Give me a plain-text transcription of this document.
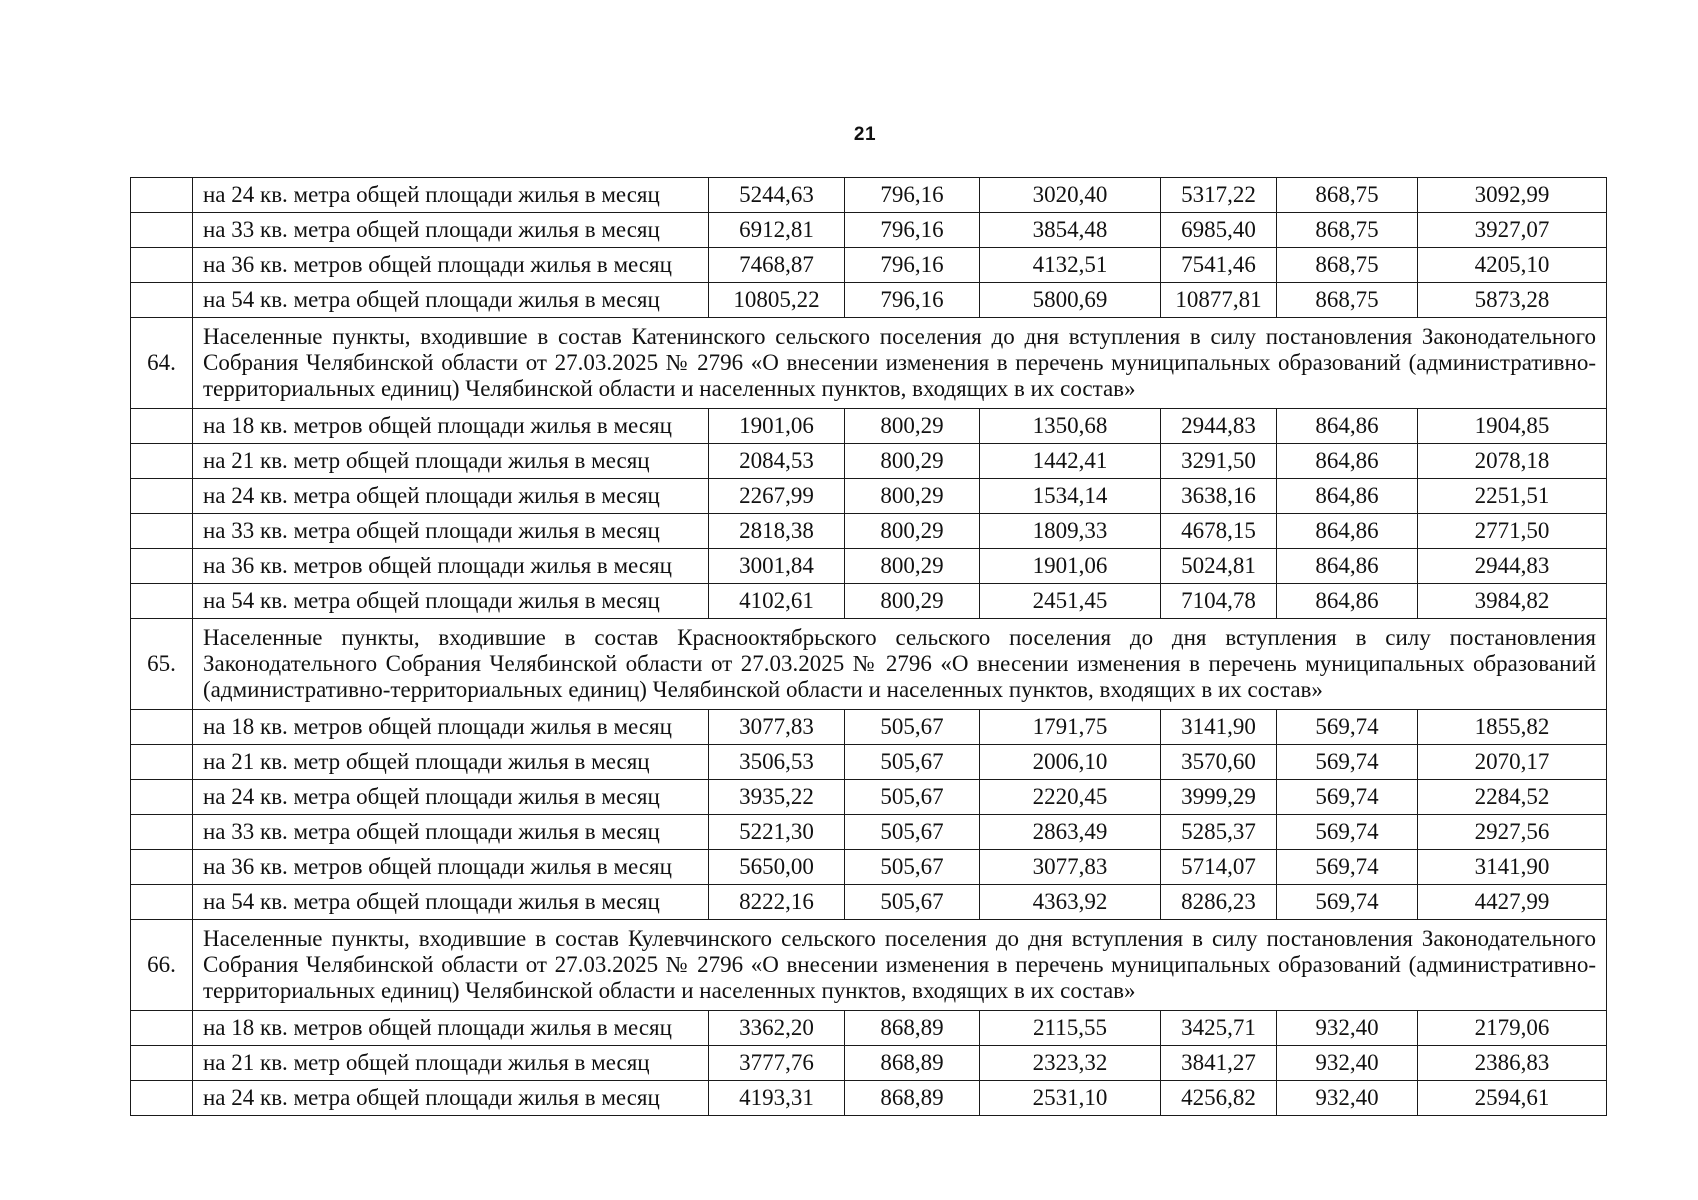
21
	на 24 кв. метра общей площади жилья в месяц	5244,63	796,16	3020,40	5317,22	868,75	3092,99
	на 33 кв. метра общей площади жилья в месяц	6912,81	796,16	3854,48	6985,40	868,75	3927,07
	на 36 кв. метров общей площади жилья в месяц	7468,87	796,16	4132,51	7541,46	868,75	4205,10
	на 54 кв. метра общей площади жилья в месяц	10805,22	796,16	5800,69	10877,81	868,75	5873,28
64.	Населенные пункты, входившие в состав Катенинского сельского поселения до дня вступления в силу постановления Законодательного Собрания Челябинской области от 27.03.2025 № 2796 «О внесении изменения в перечень муниципальных образований (административно-территориальных единиц) Челябинской области и населенных пунктов, входящих в их состав»						
	на 18 кв. метров общей площади жилья в месяц	1901,06	800,29	1350,68	2944,83	864,86	1904,85
	на 21 кв. метр общей площади жилья в месяц	2084,53	800,29	1442,41	3291,50	864,86	2078,18
	на 24 кв. метра общей площади жилья в месяц	2267,99	800,29	1534,14	3638,16	864,86	2251,51
	на 33 кв. метра общей площади жилья в месяц	2818,38	800,29	1809,33	4678,15	864,86	2771,50
	на 36 кв. метров общей площади жилья в месяц	3001,84	800,29	1901,06	5024,81	864,86	2944,83
	на 54 кв. метра общей площади жилья в месяц	4102,61	800,29	2451,45	7104,78	864,86	3984,82
65.	Населенные пункты, входившие в состав Краснооктябрьского сельского поселения до дня вступления в силу постановления Законодательного Собрания Челябинской области от 27.03.2025 № 2796 «О внесении изменения в перечень муниципальных образований (административно-территориальных единиц) Челябинской области и населенных пунктов, входящих в их состав»						
	на 18 кв. метров общей площади жилья в месяц	3077,83	505,67	1791,75	3141,90	569,74	1855,82
	на 21 кв. метр общей площади жилья в месяц	3506,53	505,67	2006,10	3570,60	569,74	2070,17
	на 24 кв. метра общей площади жилья в месяц	3935,22	505,67	2220,45	3999,29	569,74	2284,52
	на 33 кв. метра общей площади жилья в месяц	5221,30	505,67	2863,49	5285,37	569,74	2927,56
	на 36 кв. метров общей площади жилья в месяц	5650,00	505,67	3077,83	5714,07	569,74	3141,90
	на 54 кв. метра общей площади жилья в месяц	8222,16	505,67	4363,92	8286,23	569,74	4427,99
66.	Населенные пункты, входившие в состав Кулевчинского сельского поселения до дня вступления в силу постановления Законодательного Собрания Челябинской области от 27.03.2025 № 2796 «О внесении изменения в перечень муниципальных образований (административно-территориальных единиц) Челябинской области и населенных пунктов, входящих в их состав»						
	на 18 кв. метров общей площади жилья в месяц	3362,20	868,89	2115,55	3425,71	932,40	2179,06
	на 21 кв. метр общей площади жилья в месяц	3777,76	868,89	2323,32	3841,27	932,40	2386,83
	на 24 кв. метра общей площади жилья в месяц	4193,31	868,89	2531,10	4256,82	932,40	2594,61
